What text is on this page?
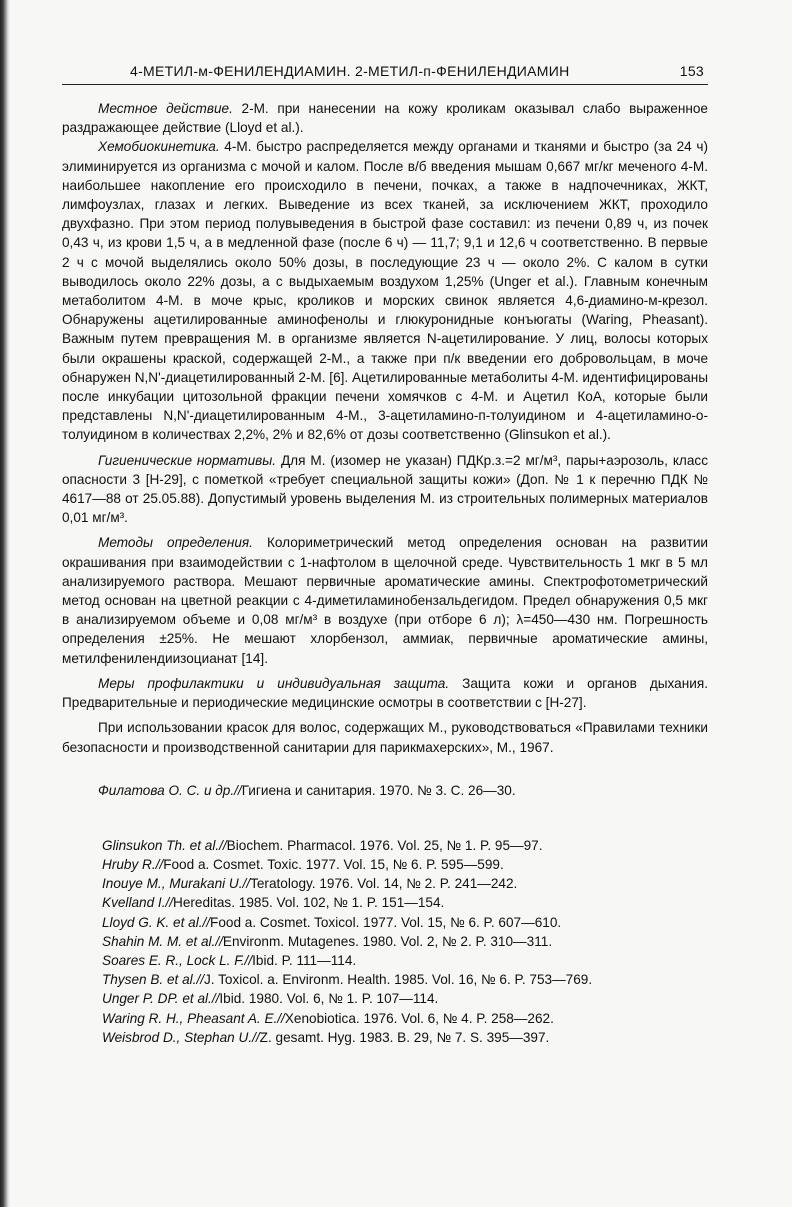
4-МЕТИЛ-м-ФЕНИЛЕНДИАМИН. 2-МЕТИЛ-п-ФЕНИЛЕНДИАМИН	153

Местное действие. 2-М. при нанесении на кожу кроликам оказывал слабо выраженное раздражающее действие (Lloyd et al.).

Хемобиокинетика. 4-М. быстро распределяется между органами и тканями и быстро (за 24 ч) элиминируется из организма с мочой и калом. После в/б введения мышам 0,667 мг/кг меченого 4-М. наибольшее накопление его происходило в печени, почках, а также в надпочечниках, ЖКТ, лимфоузлах, глазах и легких. Выведение из всех тканей, за исключением ЖКТ, проходило двухфазно. При этом период полувыведения в быстрой фазе составил: из печени 0,89 ч, из почек 0,43 ч, из крови 1,5 ч, а в медленной фазе (после 6 ч) — 11,7; 9,1 и 12,6 ч соответственно. В первые 2 ч с мочой выделялись около 50% дозы, в последующие 23 ч — около 2%. С калом в сутки выводилось около 22% дозы, а с выдыхаемым воздухом 1,25% (Unger et al.). Главным конечным метаболитом 4-М. в моче крыс, кроликов и морских свинок является 4,6-диамино-м-крезол. Обнаружены ацетилированные аминофенолы и глюкуронидные конъюгаты (Waring, Pheasant). Важным путем превращения М. в организме является N-ацетилирование. У лиц, волосы которых были окрашены краской, содержащей 2-М., а также при п/к введении его добровольцам, в моче обнаружен N,N'-диацетилированный 2-М. [6]. Ацетилированные метаболиты 4-М. идентифицированы после инкубации цитозольной фракции печени хомячков с 4-М. и Ацетил КоА, которые были представлены N,N'-диацетилированным 4-М., 3-ацетиламино-п-толуидином и 4-ацетиламино-о-толуидином в количествах 2,2%, 2% и 82,6% от дозы соответственно (Glinsukon et al.).

Гигиенические нормативы. Для М. (изомер не указан) ПДКр.з.=2 мг/м³, пары+аэрозоль, класс опасности 3 [H-29], с пометкой «требует специальной защиты кожи» (Доп. № 1 к перечню ПДК № 4617—88 от 25.05.88). Допустимый уровень выделения М. из строительных полимерных материалов 0,01 мг/м³.

Методы определения. Колориметрический метод определения основан на развитии окрашивания при взаимодействии с 1-нафтолом в щелочной среде. Чувствительность 1 мкг в 5 мл анализируемого раствора. Мешают первичные ароматические амины. Спектрофотометрический метод основан на цветной реакции с 4-диметиламинобензальдегидом. Предел обнаружения 0,5 мкг в анализируемом объеме и 0,08 мг/м³ в воздухе (при отборе 6 л); λ=450—430 нм. Погрешность определения ±25%. Не мешают хлорбензол, аммиак, первичные ароматические амины, метилфенилендиизоцианат [14].

Меры профилактики и индивидуальная защита. Защита кожи и органов дыхания. Предварительные и периодические медицинские осмотры в соответствии с [H-27].

При использовании красок для волос, содержащих М., руководствоваться «Правилами техники безопасности и производственной санитарии для парикмахерских», М., 1967.

Филатова О. С. и др.//Гигиена и санитария. 1970. № 3. С. 26—30.

Glinsukon Th. et al.//Biochem. Pharmacol. 1976. Vol. 25, № 1. P. 95—97.

Hruby R.//Food a. Cosmet. Toxic. 1977. Vol. 15, № 6. P. 595—599.

Inouye M., Murakani U.//Teratology. 1976. Vol. 14, № 2. P. 241—242.

Kvelland I.//Hereditas. 1985. Vol. 102, № 1. P. 151—154.

Lloyd G. K. et al.//Food a. Cosmet. Toxicol. 1977. Vol. 15, № 6. P. 607—610.

Shahin M. M. et al.//Environm. Mutagenes. 1980. Vol. 2, № 2. P. 310—311.

Soares E. R., Lock L. F.//Ibid. P. 111—114.

Thysen B. et al.//J. Toxicol. a. Environm. Health. 1985. Vol. 16, № 6. P. 753—769.

Unger P. DP. et al.//Ibid. 1980. Vol. 6, № 1. P. 107—114.

Waring R. H., Pheasant A. E.//Xenobiotica. 1976. Vol. 6, № 4. P. 258—262.

Weisbrod D., Stephan U.//Z. gesamt. Hyg. 1983. B. 29, № 7. S. 395—397.
